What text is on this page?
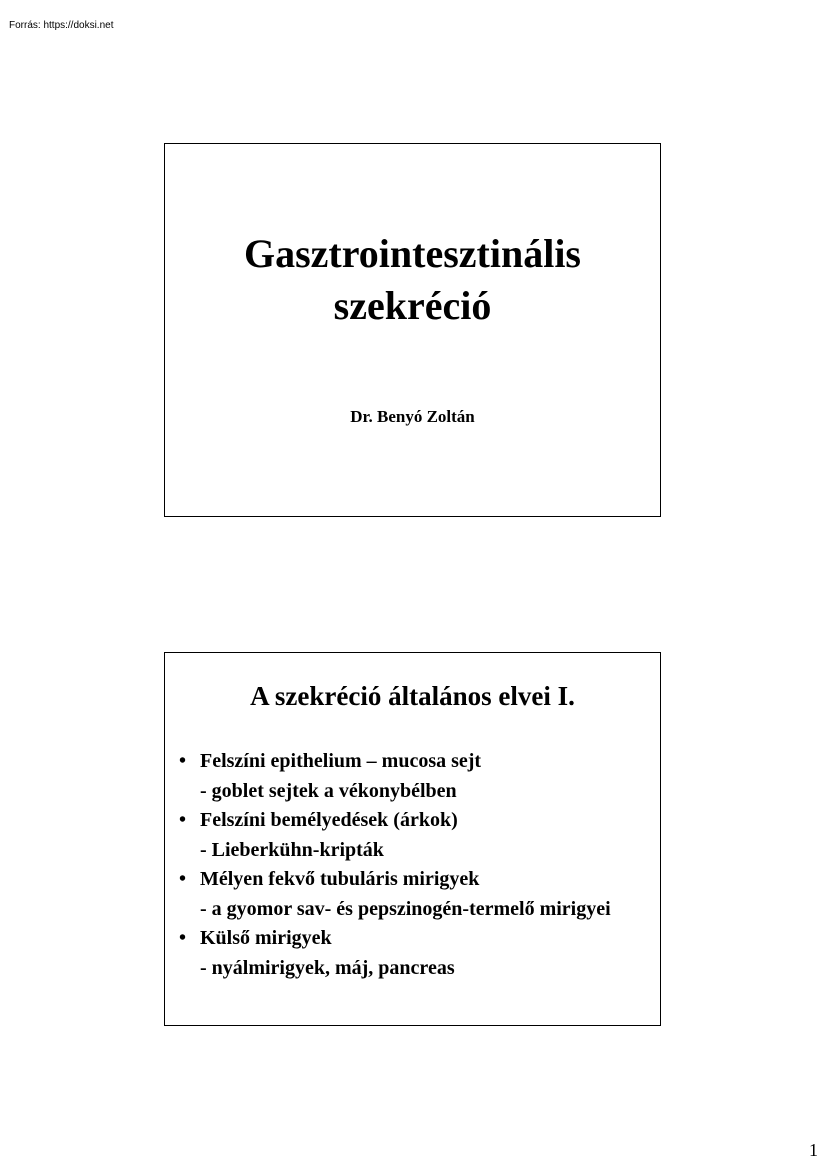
Forrás: https://doksi.net
Gasztrointesztinális
szekréció
Dr. Benyó Zoltán
A szekréció általános elvei I.
• Felszíni epithelium – mucosa sejt
- goblet sejtek a vékonybélben
• Felszíni bemélyedések (árkok)
- Lieberkühn-kripták
• Mélyen fekvő tubuláris mirigyek
- a gyomor sav- és pepszinogén-termelő mirigyei
• Külső mirigyek
- nyálmirigyek, máj, pancreas
1
